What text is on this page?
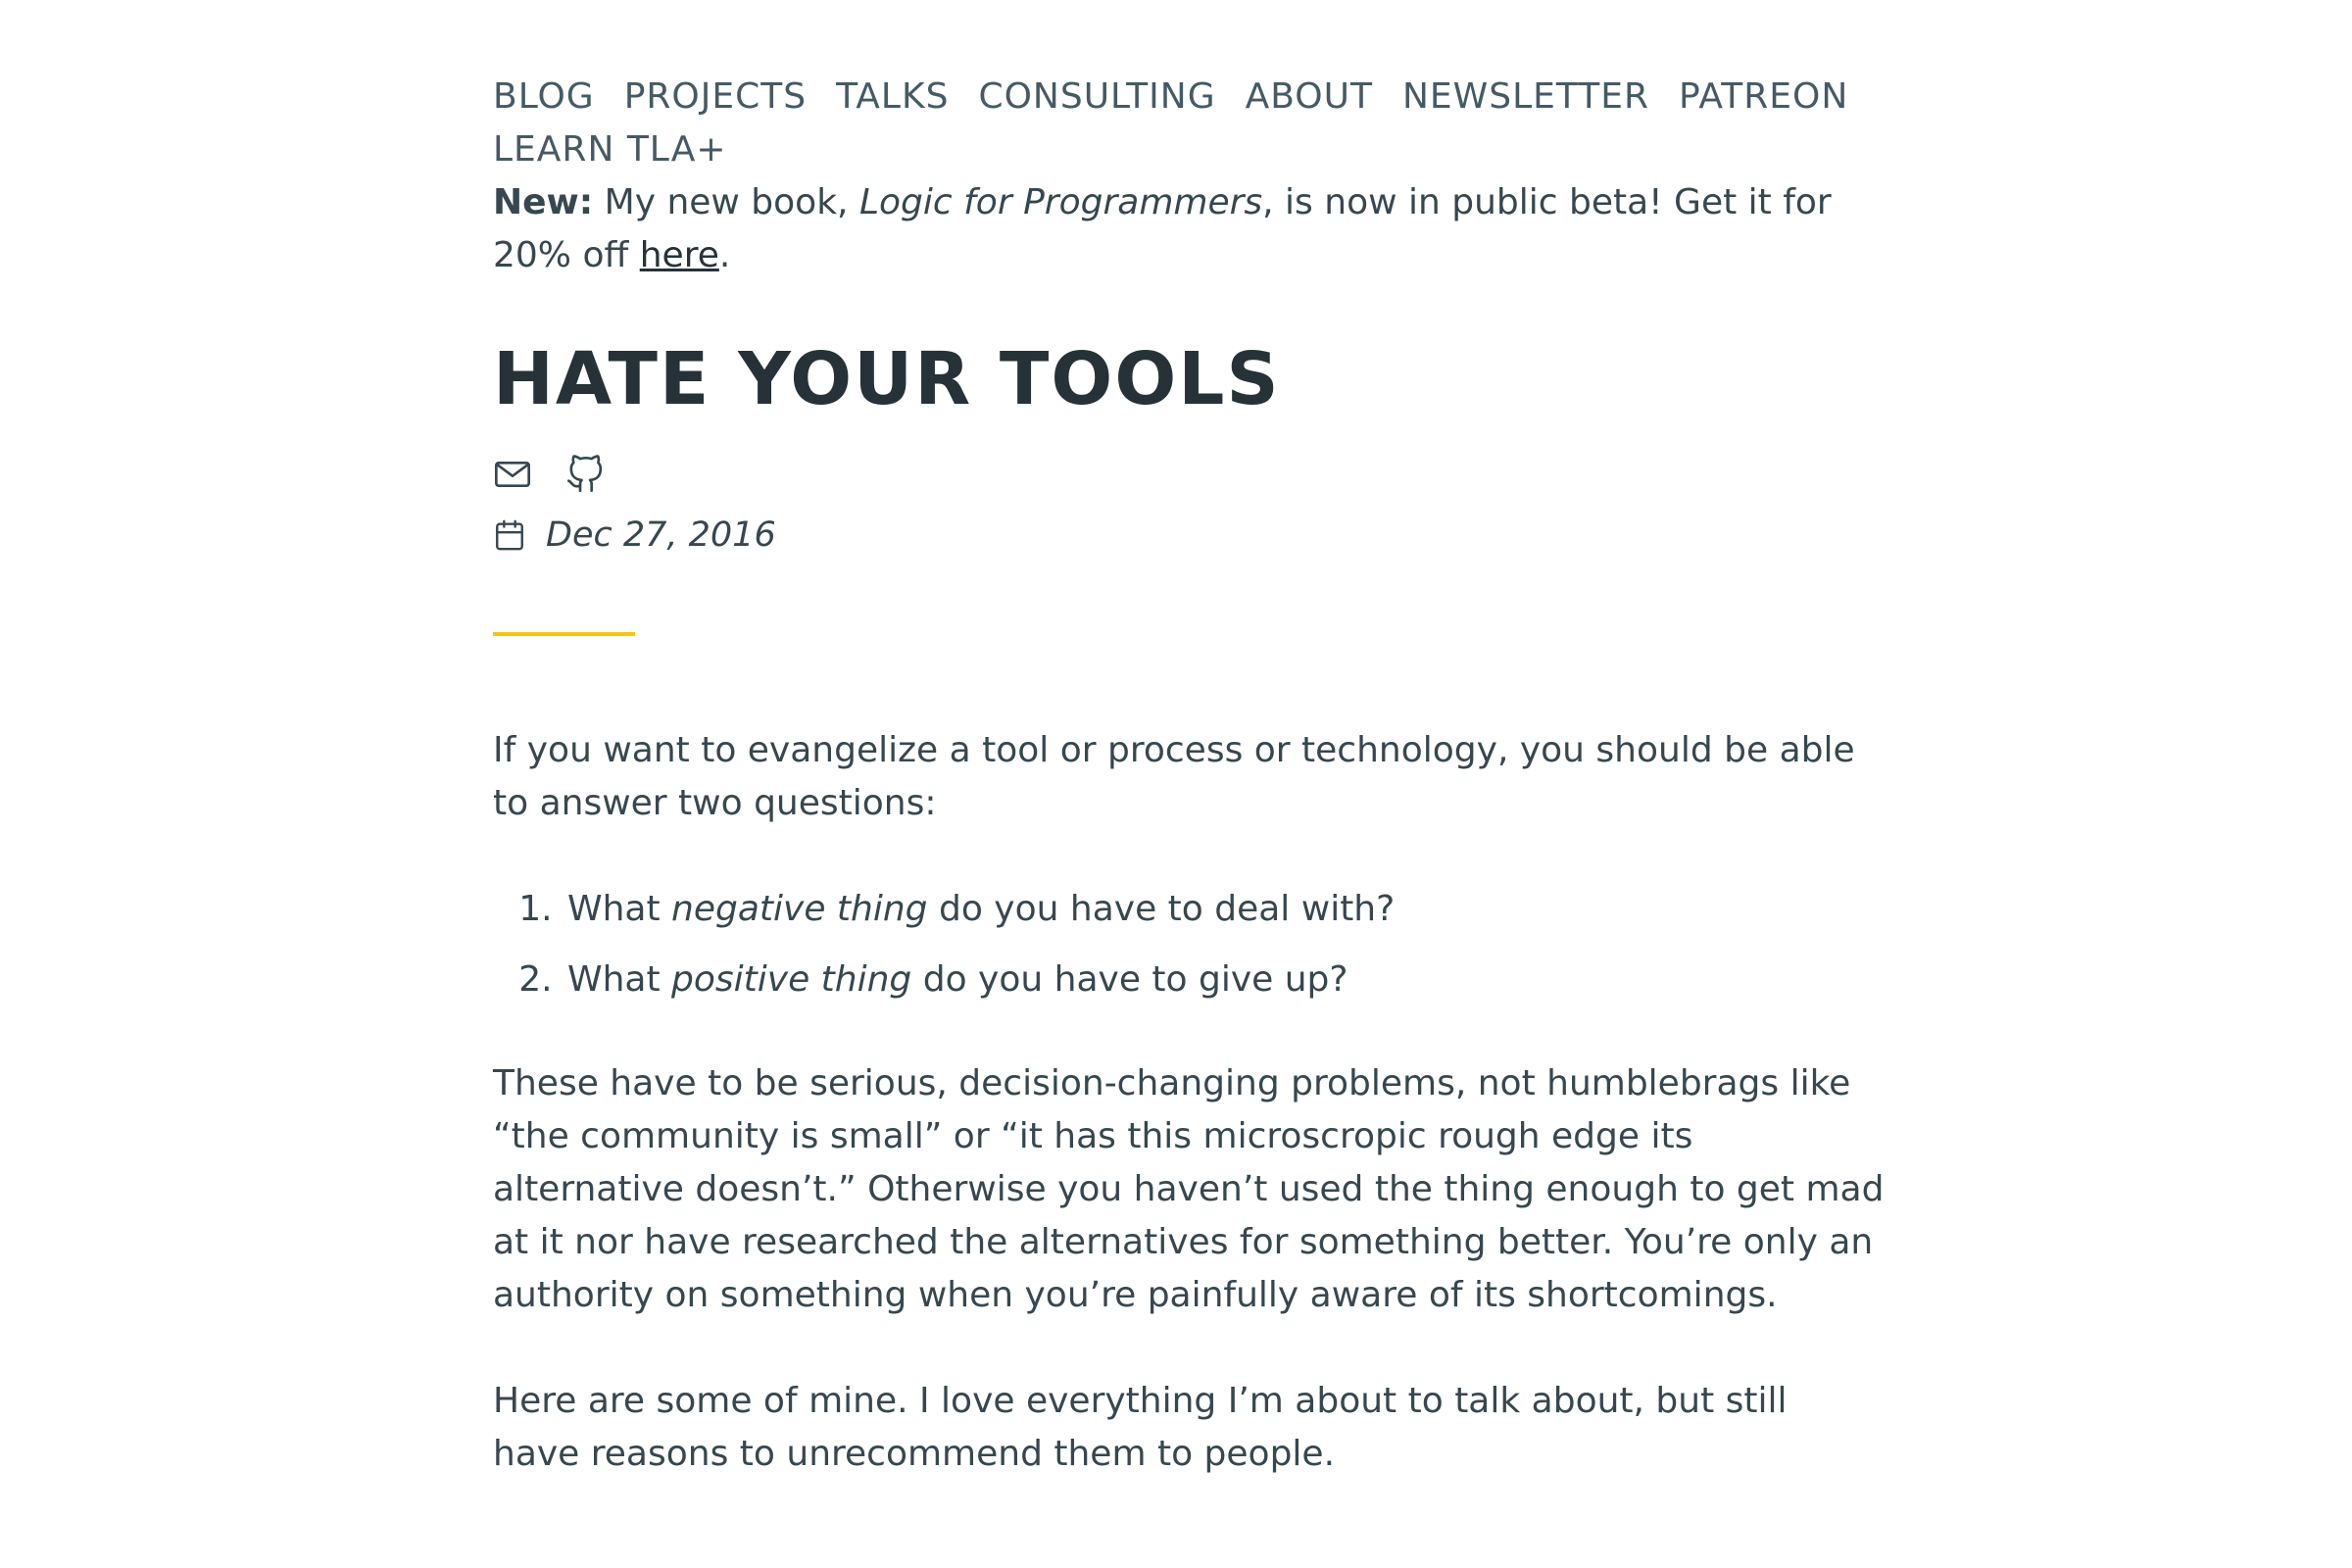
BLOG PROJECTS TALKS CONSULTING ABOUT NEWSLETTER PATREON
LEARN TLA+
New: My new book, Logic for Programmers, is now in public beta! Get it for 20% off here.
HATE YOUR TOOLS
Dec 27, 2016

If you want to evangelize a tool or process or technology, you should be able to answer two questions:

1. What negative thing do you have to deal with?
2. What positive thing do you have to give up?

These have to be serious, decision-changing problems, not humblebrags like “the community is small” or “it has this microscropic rough edge its alternative doesn’t.” Otherwise you haven’t used the thing enough to get mad at it nor have researched the alternatives for something better. You’re only an authority on something when you’re painfully aware of its shortcomings.

Here are some of mine. I love everything I’m about to talk about, but still have reasons to unrecommend them to people.
